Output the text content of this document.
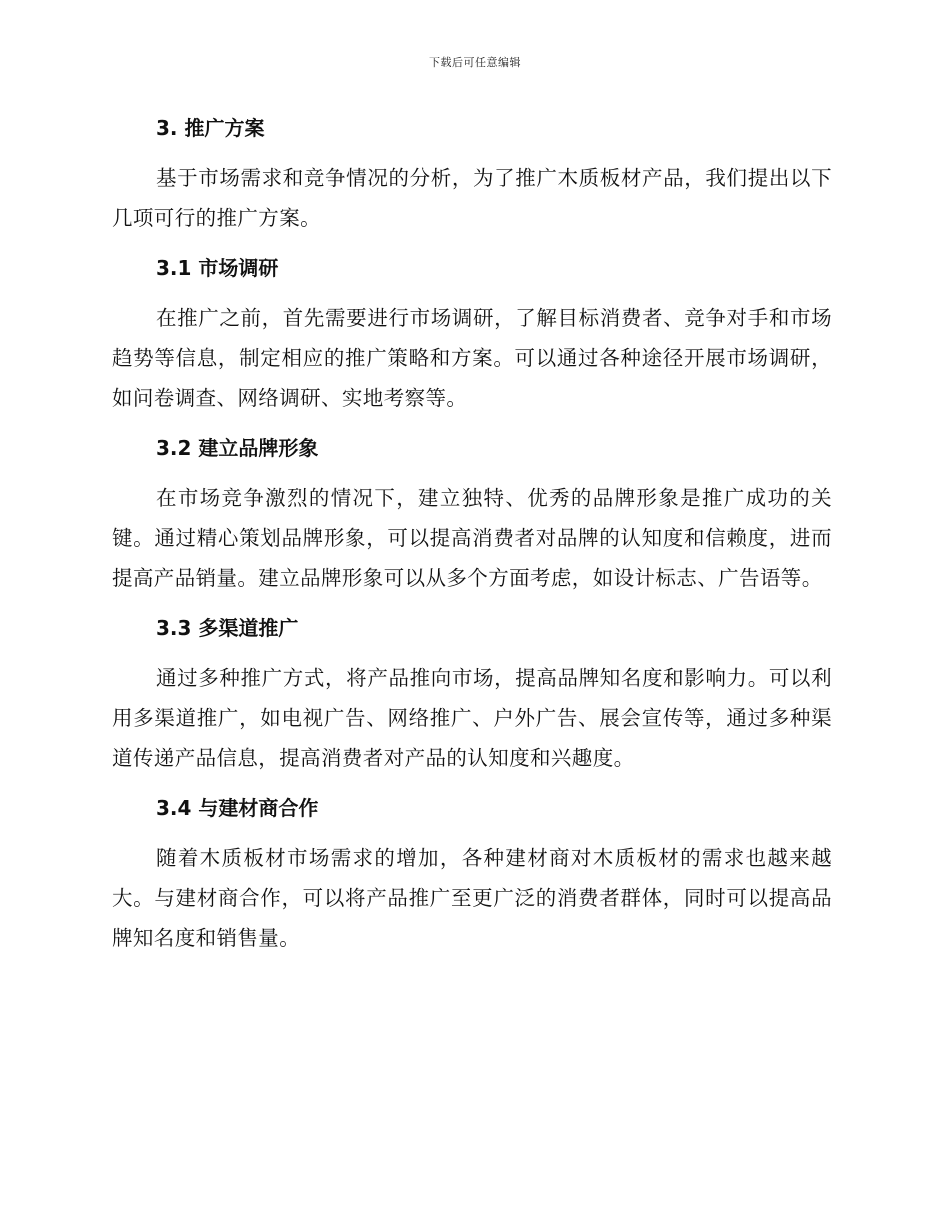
下载后可任意编辑
3. 推广方案

基于市场需求和竞争情况的分析，为了推广木质板材产品，我们提出以下几项可行的推广方案。

3.1 市场调研

在推广之前，首先需要进行市场调研，了解目标消费者、竞争对手和市场趋势等信息，制定相应的推广策略和方案。可以通过各种途径开展市场调研，如问卷调查、网络调研、实地考察等。

3.2 建立品牌形象

在市场竞争激烈的情况下，建立独特、优秀的品牌形象是推广成功的关键。通过精心策划品牌形象，可以提高消费者对品牌的认知度和信赖度，进而提高产品销量。建立品牌形象可以从多个方面考虑，如设计标志、广告语等。

3.3 多渠道推广

通过多种推广方式，将产品推向市场，提高品牌知名度和影响力。可以利用多渠道推广，如电视广告、网络推广、户外广告、展会宣传等，通过多种渠道传递产品信息，提高消费者对产品的认知度和兴趣度。

3.4 与建材商合作

随着木质板材市场需求的增加，各种建材商对木质板材的需求也越来越大。与建材商合作，可以将产品推广至更广泛的消费者群体，同时可以提高品牌知名度和销售量。
